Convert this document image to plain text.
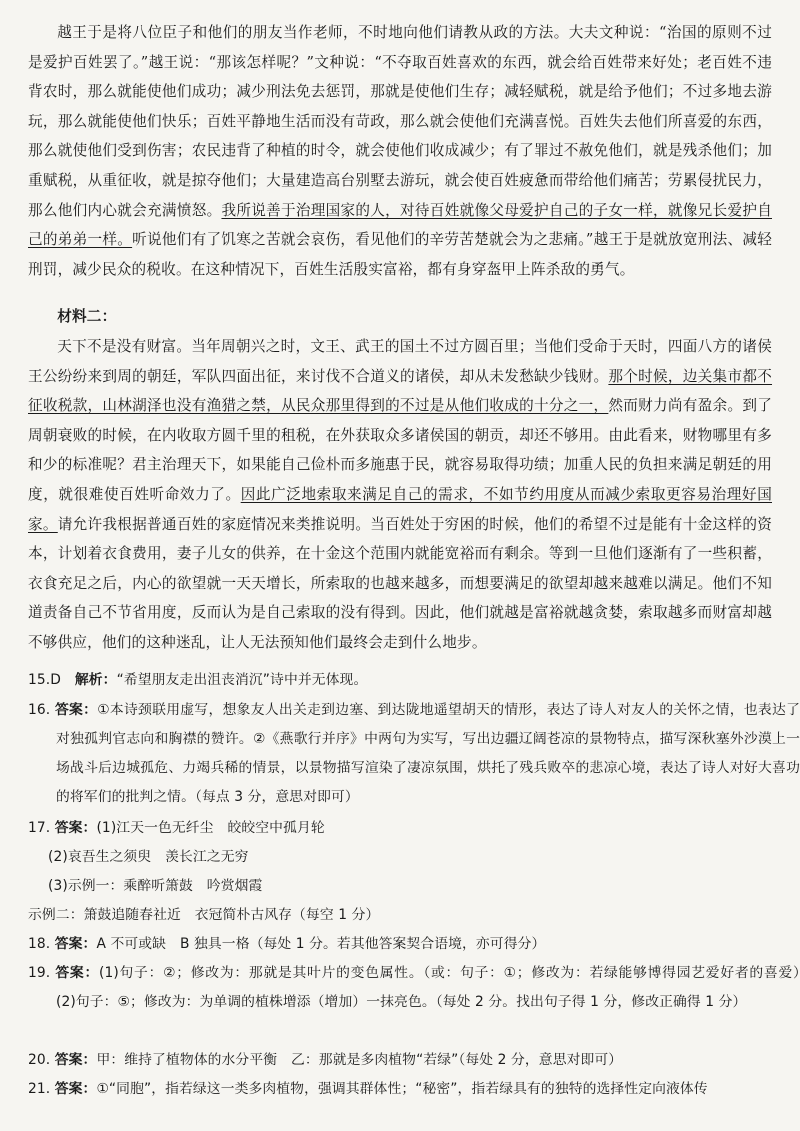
越王于是将八位臣子和他们的朋友当作老师，不时地向他们请教从政的方法。大夫文种说：“治国的原则不过是爱护百姓罢了。”越王说：“那该怎样呢？”文种说：“不夺取百姓喜欢的东西，就会给百姓带来好处；老百姓不违背农时，那么就能使他们成功；减少刑法免去惩罚，那就是使他们生存；减轻赋税，就是给予他们；不过多地去游玩，那么就能使他们快乐；百姓平静地生活而没有苛政，那么就会使他们充满喜悦。百姓失去他们所喜爱的东西，那么就使他们受到伤害；农民违背了种植的时令，就会使他们收成减少；有了罪过不赦免他们，就是残杀他们；加重赋税，从重征收，就是掠夺他们；大量建造高台别墅去游玩，就会使百姓疲惫而带给他们痛苦；劳累侵扰民力，那么他们内心就会充满愤怒。我所说善于治理国家的人，对待百姓就像父母爱护自己的子女一样，就像兄长爱护自己的弟弟一样。听说他们有了饥寒之苦就会哀伤，看见他们的辛劳苦楚就会为之悲痛。”越王于是就放宽刑法、减轻刑罚，减少民众的税收。在这种情况下，百姓生活殷实富裕，都有身穿盔甲上阵杀敌的勇气。

材料二：

天下不是没有财富。当年周朝兴之时，文王、武王的国土不过方圆百里；当他们受命于天时，四面八方的诸侯王公纷纷来到周的朝廷，军队四面出征，来讨伐不合道义的诸侯，却从未发愁缺少钱财。那个时候，边关集市都不征收税款，山林湖泽也没有渔猎之禁，从民众那里得到的不过是从他们收成的十分之一，然而财力尚有盈余。到了周朝衰败的时候，在内收取方圆千里的租税，在外获取众多诸侯国的朝贡，却还不够用。由此看来，财物哪里有多和少的标准呢？君主治理天下，如果能自己俭朴而多施惠于民，就容易取得功绩；加重人民的负担来满足朝廷的用度，就很难使百姓听命效力了。因此广泛地索取来满足自己的需求，不如节约用度从而减少索取更容易治理好国家。请允许我根据普通百姓的家庭情况来类推说明。当百姓处于穷困的时候，他们的希望不过是能有十金这样的资本，计划着衣食费用，妻子儿女的供养，在十金这个范围内就能宽裕而有剩余。等到一旦他们逐渐有了一些积蓄，衣食充足之后，内心的欲望就一天天增长，所索取的也越来越多，而想要满足的欲望却越来越难以满足。他们不知道责备自己不节省用度，反而认为是自己索取的没有得到。因此，他们就越是富裕就越贪婪，索取越多而财富却越不够供应，他们的这种迷乱，让人无法预知他们最终会走到什么地步。

15.D　 解析：“希望朋友走出沮丧消沉”诗中并无体现。
16. 答案：①本诗颈联用虚写，想象友人出关走到边塞、到达陇地遥望胡天的情形，表达了诗人对友人的关怀之情，也表达了对独孤判官志向和胸襟的赞许。②《燕歌行并序》中两句为实写，写出边疆辽阔苍凉的景物特点，描写深秋塞外沙漠上一场战斗后边城孤危、力竭兵稀的情景，以景物描写渲染了凄凉氛围，烘托了残兵败卒的悲凉心境，表达了诗人对好大喜功的将军们的批判之情。（每点 3 分，意思对即可）
17. 答案：(1)江天一色无纤尘　皎皎空中孤月轮
(2)哀吾生之须臾　羡长江之无穷
(3)示例一：乘醉听箫鼓　吟赏烟霞
示例二：箫鼓追随春社近　衣冠简朴古风存（每空 1 分）
18. 答案：A 不可或缺　B 独具一格（每处 1 分。若其他答案契合语境，亦可得分）
19. 答案：(1)句子：②；修改为：那就是其叶片的变色属性。（或：句子：①；修改为：若绿能够博得园艺爱好者的喜爱）　(2)句子：⑤；修改为：为单调的植株增添（增加）一抹亮色。（每处 2 分。找出句子得 1 分，修改正确得 1 分）
20. 答案：甲：维持了植物体的水分平衡　乙：那就是多肉植物“若绿”（每处 2 分，意思对即可）
21. 答案：①“同胞”，指若绿这一类多肉植物，强调其群体性；“秘密”，指若绿具有的独特的选择性定向液体传
